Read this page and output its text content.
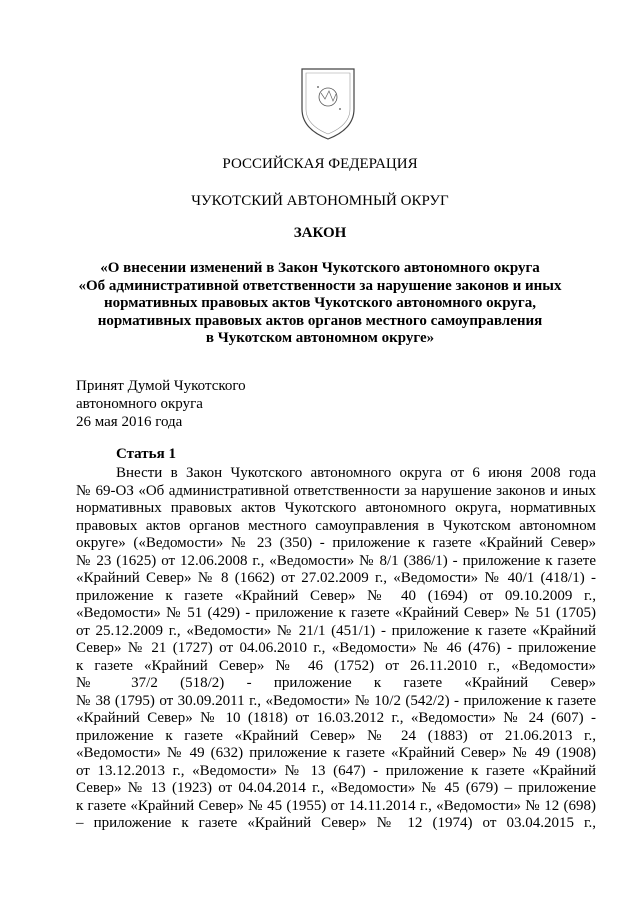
РОССИЙСКАЯ ФЕДЕРАЦИЯ
ЧУКОТСКИЙ АВТОНОМНЫЙ ОКРУГ
ЗАКОН
«О внесении изменений в Закон Чукотского автономного округа
«Об административной ответственности за нарушение законов и иных
нормативных правовых актов Чукотского автономного округа,
нормативных правовых актов органов местного самоуправления
в Чукотском автономном округе»
Принят Думой Чукотского
автономного округа
26 мая 2016 года
Статья 1
Внести в Закон Чукотского автономного округа от 6 июня 2008 года
№ 69-ОЗ «Об административной ответственности за нарушение законов и иных
нормативных правовых актов Чукотского автономного округа, нормативных
правовых актов органов местного самоуправления в Чукотском автономном
округе» («Ведомости» № 23 (350) - приложение к газете «Крайний Север»
№ 23 (1625) от 12.06.2008 г., «Ведомости» № 8/1 (386/1) - приложение к газете
«Крайний Север» № 8 (1662) от 27.02.2009 г., «Ведомости» № 40/1 (418/1) -
приложение к газете «Крайний Север» № 40 (1694) от 09.10.2009 г.,
«Ведомости» № 51 (429) - приложение к газете «Крайний Север» № 51 (1705)
от 25.12.2009 г., «Ведомости» № 21/1 (451/1) - приложение к газете «Крайний
Север» № 21 (1727) от 04.06.2010 г., «Ведомости» № 46 (476) - приложение
к газете «Крайний Север» № 46 (1752) от 26.11.2010 г., «Ведомости»
№ 37/2 (518/2) - приложение к газете «Крайний Север»
№ 38 (1795) от 30.09.2011 г., «Ведомости» № 10/2 (542/2) - приложение к газете
«Крайний Север» № 10 (1818) от 16.03.2012 г., «Ведомости» № 24 (607) -
приложение к газете «Крайний Север» № 24 (1883) от 21.06.2013 г.,
«Ведомости» № 49 (632) приложение к газете «Крайний Север» № 49 (1908)
от 13.12.2013 г., «Ведомости» № 13 (647) - приложение к газете «Крайний
Север» № 13 (1923) от 04.04.2014 г., «Ведомости» № 45 (679) – приложение
к газете «Крайний Север» № 45 (1955) от 14.11.2014 г., «Ведомости» № 12 (698)
– приложение к газете «Крайний Север» № 12 (1974) от 03.04.2015 г.,
